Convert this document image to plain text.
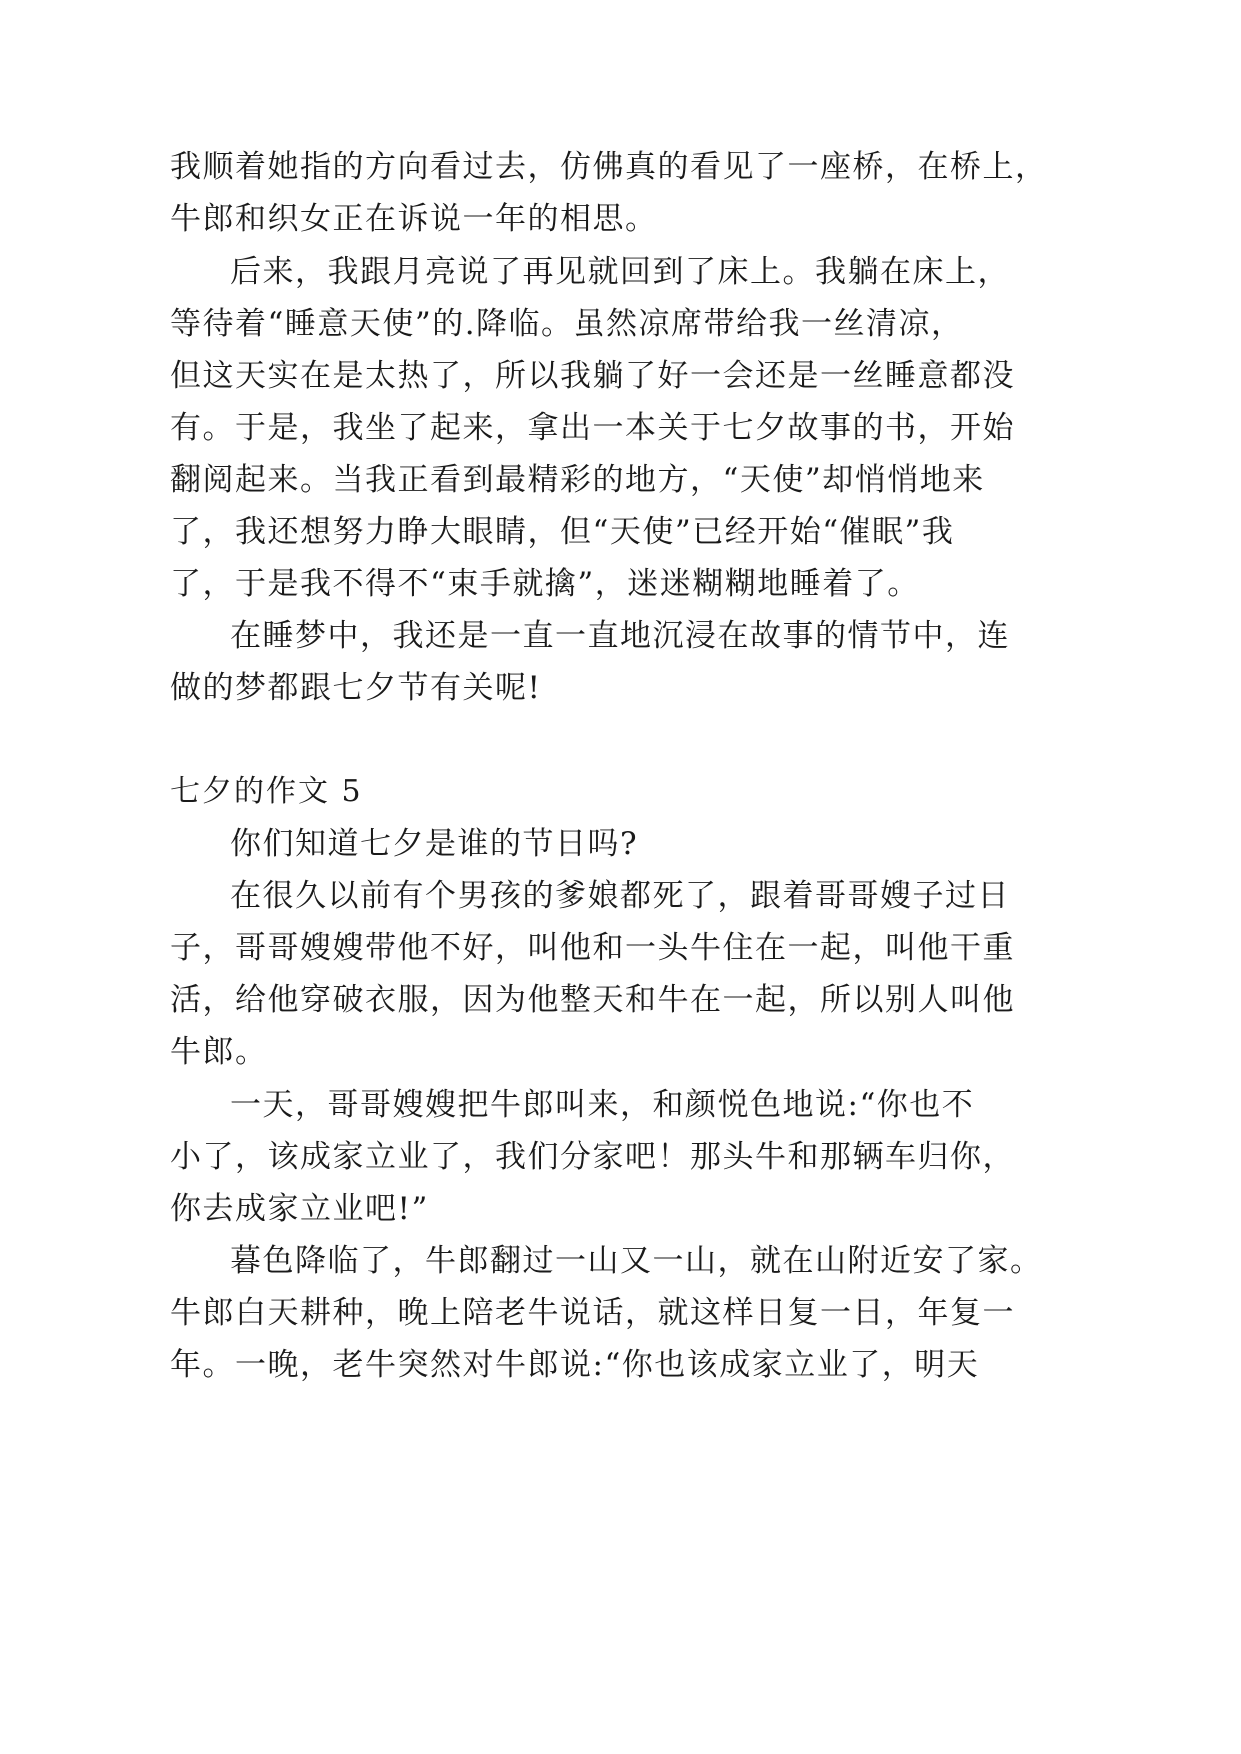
我顺着她指的方向看过去，仿佛真的看见了一座桥，在桥上，
牛郎和织女正在诉说一年的相思。
后来，我跟月亮说了再见就回到了床上。我躺在床上，
等待着“睡意天使”的.降临。虽然凉席带给我一丝清凉，
但这天实在是太热了，所以我躺了好一会还是一丝睡意都没
有。于是，我坐了起来，拿出一本关于七夕故事的书，开始
翻阅起来。当我正看到最精彩的地方，“天使”却悄悄地来
了，我还想努力睁大眼睛，但“天使”已经开始“催眠”我
了，于是我不得不“束手就擒”，迷迷糊糊地睡着了。
在睡梦中，我还是一直一直地沉浸在故事的情节中，连
做的梦都跟七夕节有关呢!
七夕的作文 5
你们知道七夕是谁的节日吗?
在很久以前有个男孩的爹娘都死了，跟着哥哥嫂子过日
子，哥哥嫂嫂带他不好，叫他和一头牛住在一起，叫他干重
活，给他穿破衣服，因为他整天和牛在一起，所以别人叫他
牛郎。
一天，哥哥嫂嫂把牛郎叫来，和颜悦色地说:“你也不
小了，该成家立业了，我们分家吧！那头牛和那辆车归你，
你去成家立业吧!”
暮色降临了，牛郎翻过一山又一山，就在山附近安了家。
牛郎白天耕种，晚上陪老牛说话，就这样日复一日，年复一
年。一晚，老牛突然对牛郎说:“你也该成家立业了，明天
